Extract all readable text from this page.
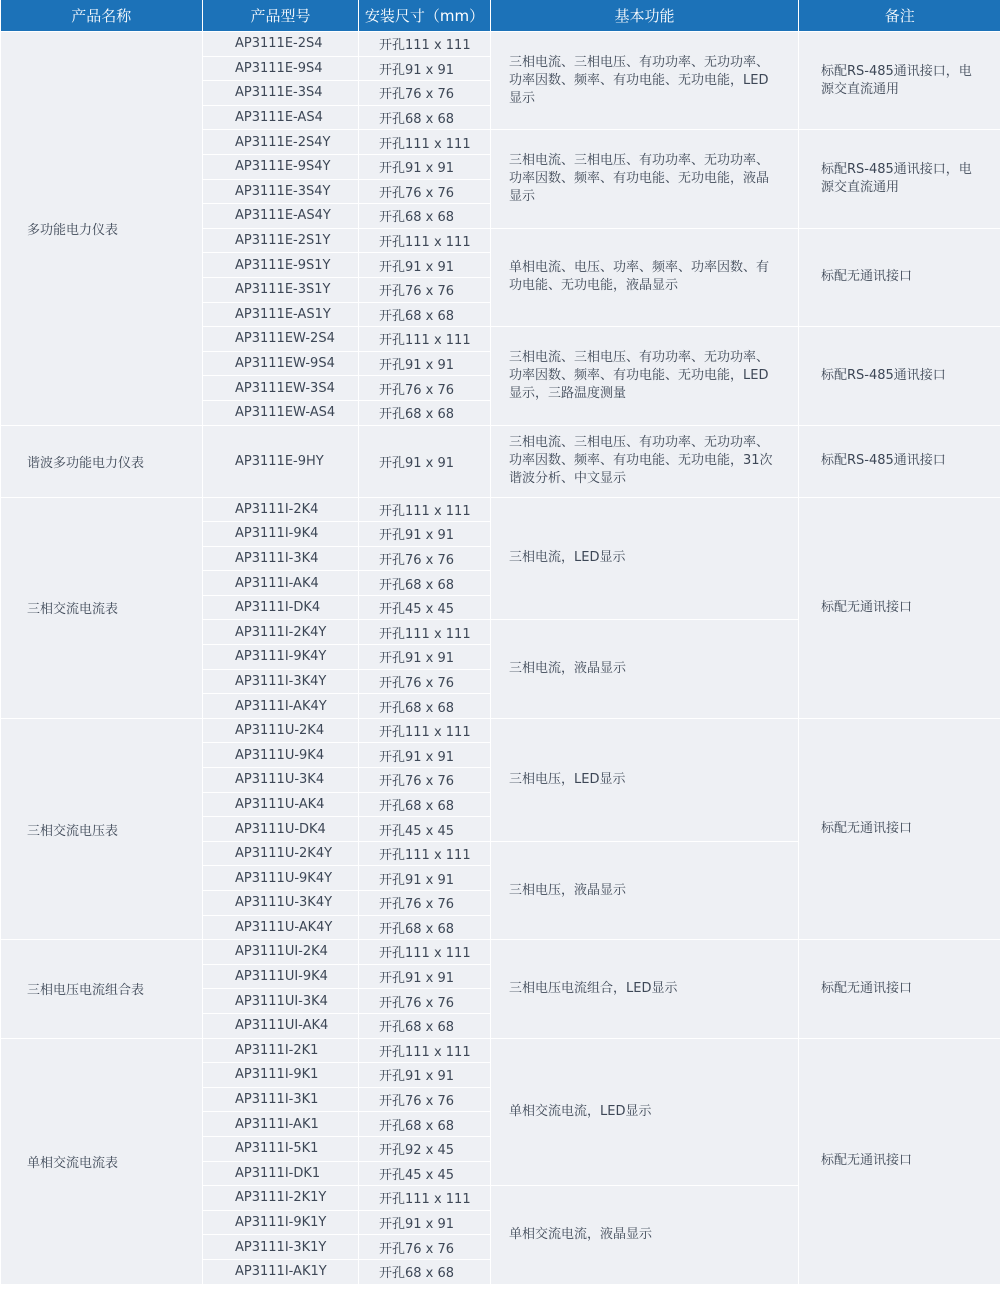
产品名称	产品型号	安装尺寸（mm）	基本功能	备注
多功能电力仪表	AP3111E-2S4	开孔111 x 111	三相电流、三相电压、有功功率、无功功率、功率因数、频率、有功电能、无功电能，LED显示	标配RS-485通讯接口，电源交直流通用
	AP3111E-9S4	开孔91 x 91		
	AP3111E-3S4	开孔76 x 76		
	AP3111E-AS4	开孔68 x 68		
	AP3111E-2S4Y	开孔111 x 111	三相电流、三相电压、有功功率、无功功率、功率因数、频率、有功电能、无功电能，液晶显示	标配RS-485通讯接口，电源交直流通用
	AP3111E-9S4Y	开孔91 x 91		
	AP3111E-3S4Y	开孔76 x 76		
	AP3111E-AS4Y	开孔68 x 68		
	AP3111E-2S1Y	开孔111 x 111	单相电流、电压、功率、频率、功率因数、有功电能、无功电能，液晶显示	标配无通讯接口
	AP3111E-9S1Y	开孔91 x 91		
	AP3111E-3S1Y	开孔76 x 76		
	AP3111E-AS1Y	开孔68 x 68		
	AP3111EW-2S4	开孔111 x 111	三相电流、三相电压、有功功率、无功功率、功率因数、频率、有功电能、无功电能，LED显示，三路温度测量	标配RS-485通讯接口
	AP3111EW-9S4	开孔91 x 91		
	AP3111EW-3S4	开孔76 x 76		
	AP3111EW-AS4	开孔68 x 68		
谐波多功能电力仪表	AP3111E-9HY	开孔91 x 91	三相电流、三相电压、有功功率、无功功率、功率因数、频率、有功电能、无功电能，31次谐波分析、中文显示	标配RS-485通讯接口
三相交流电流表	AP3111I-2K4	开孔111 x 111	三相电流，LED显示	标配无通讯接口
	AP3111I-9K4	开孔91 x 91		
	AP3111I-3K4	开孔76 x 76		
	AP3111I-AK4	开孔68 x 68		
	AP3111I-DK4	开孔45 x 45		
	AP3111I-2K4Y	开孔111 x 111	三相电流，液晶显示	
	AP3111I-9K4Y	开孔91 x 91		
	AP3111I-3K4Y	开孔76 x 76		
	AP3111I-AK4Y	开孔68 x 68		
三相交流电压表	AP3111U-2K4	开孔111 x 111	三相电压，LED显示	标配无通讯接口
	AP3111U-9K4	开孔91 x 91		
	AP3111U-3K4	开孔76 x 76		
	AP3111U-AK4	开孔68 x 68		
	AP3111U-DK4	开孔45 x 45		
	AP3111U-2K4Y	开孔111 x 111	三相电压，液晶显示	
	AP3111U-9K4Y	开孔91 x 91		
	AP3111U-3K4Y	开孔76 x 76		
	AP3111U-AK4Y	开孔68 x 68		
三相电压电流组合表	AP3111UI-2K4	开孔111 x 111	三相电压电流组合，LED显示	标配无通讯接口
	AP3111UI-9K4	开孔91 x 91		
	AP3111UI-3K4	开孔76 x 76		
	AP3111UI-AK4	开孔68 x 68		
单相交流电流表	AP3111I-2K1	开孔111 x 111	单相交流电流，LED显示	标配无通讯接口
	AP3111I-9K1	开孔91 x 91		
	AP3111I-3K1	开孔76 x 76		
	AP3111I-AK1	开孔68 x 68		
	AP3111I-5K1	开孔92 x 45		
	AP3111I-DK1	开孔45 x 45		
	AP3111I-2K1Y	开孔111 x 111	单相交流电流，液晶显示	
	AP3111I-9K1Y	开孔91 x 91		
	AP3111I-3K1Y	开孔76 x 76		
	AP3111I-AK1Y	开孔68 x 68		
